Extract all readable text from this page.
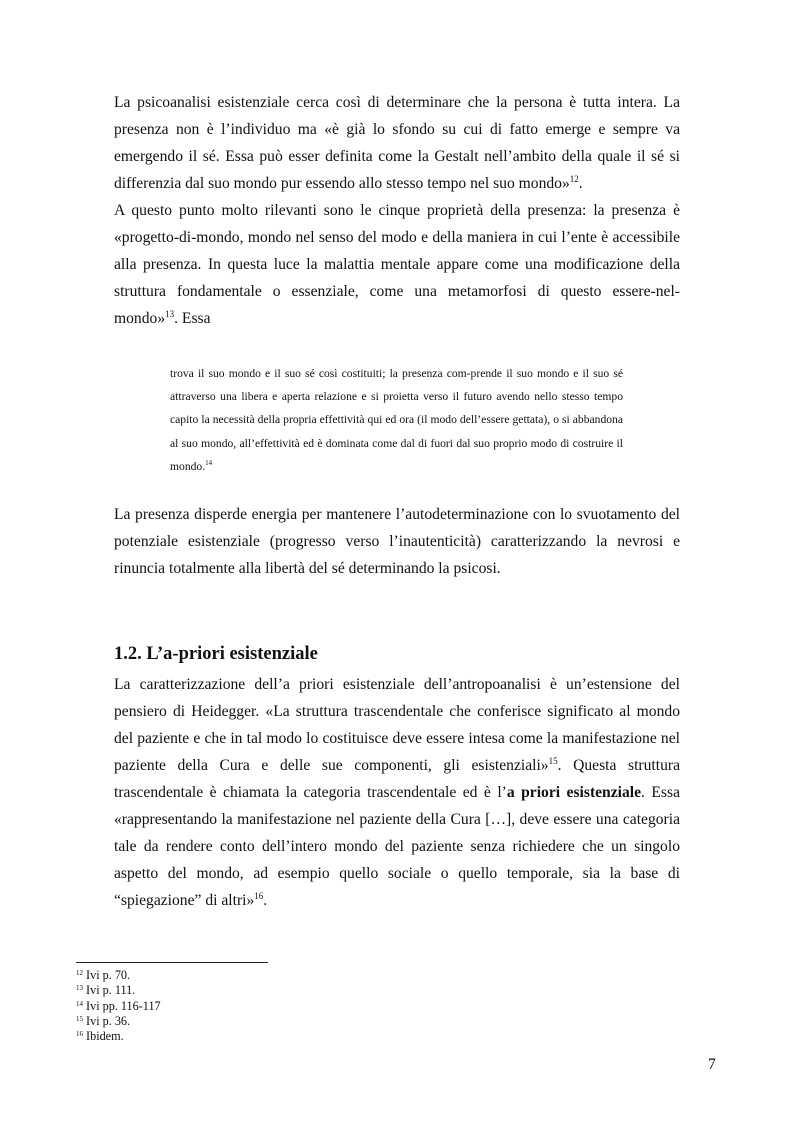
La psicoanalisi esistenziale cerca così di determinare che la persona è tutta intera. La presenza non è l’individuo ma «è già lo sfondo su cui di fatto emerge e sempre va emergendo il sé. Essa può esser definita come la Gestalt nell’ambito della quale il sé si differenzia dal suo mondo pur essendo allo stesso tempo nel suo mondo»$^{12}$.

A questo punto molto rilevanti sono le cinque proprietà della presenza: la presenza è «progetto-di-mondo, mondo nel senso del modo e della maniera in cui l’ente è accessibile alla presenza. In questa luce la malattia mentale appare come una modificazione della struttura fondamentale o essenziale, come una metamorfosi di questo essere-nel-mondo»$^{13}$. Essa

trova il suo mondo e il suo sé così costituiti; la presenza com-prende il suo mondo e il suo sé attraverso una libera e aperta relazione e si proietta verso il futuro avendo nello stesso tempo capito la necessità della propria effettività qui ed ora (il modo dell’essere gettata), o si abbandona al suo mondo, all’effettività ed è dominata come dal di fuori dal suo proprio modo di costruire il mondo.$^{14}$

La presenza disperde energia per mantenere l’autodeterminazione con lo svuotamento del potenziale esistenziale (progresso verso l’inautenticità) caratterizzando la nevrosi e rinuncia totalmente alla libertà del sé determinando la psicosi.

1.2. L’a-priori esistenziale

La caratterizzazione dell’a priori esistenziale dell’antropoanalisi è un’estensione del pensiero di Heidegger. «La struttura trascendentale che conferisce significato al mondo del paziente e che in tal modo lo costituisce deve essere intesa come la manifestazione nel paziente della Cura e delle sue componenti, gli esistenziali»$^{15}$. Questa struttura trascendentale è chiamata la categoria trascendentale ed è l’a priori esistenziale. Essa «rappresentando la manifestazione nel paziente della Cura […], deve essere una categoria tale da rendere conto dell’intero mondo del paziente senza richiedere che un singolo aspetto del mondo, ad esempio quello sociale o quello temporale, sia la base di “spiegazione” di altri»$^{16}$.

$^{12}$ Ivi p. 70.
$^{13}$ Ivi p. 111.
$^{14}$ Ivi pp. 116-117
$^{15}$ Ivi p. 36.
$^{16}$ Ibidem.
7
